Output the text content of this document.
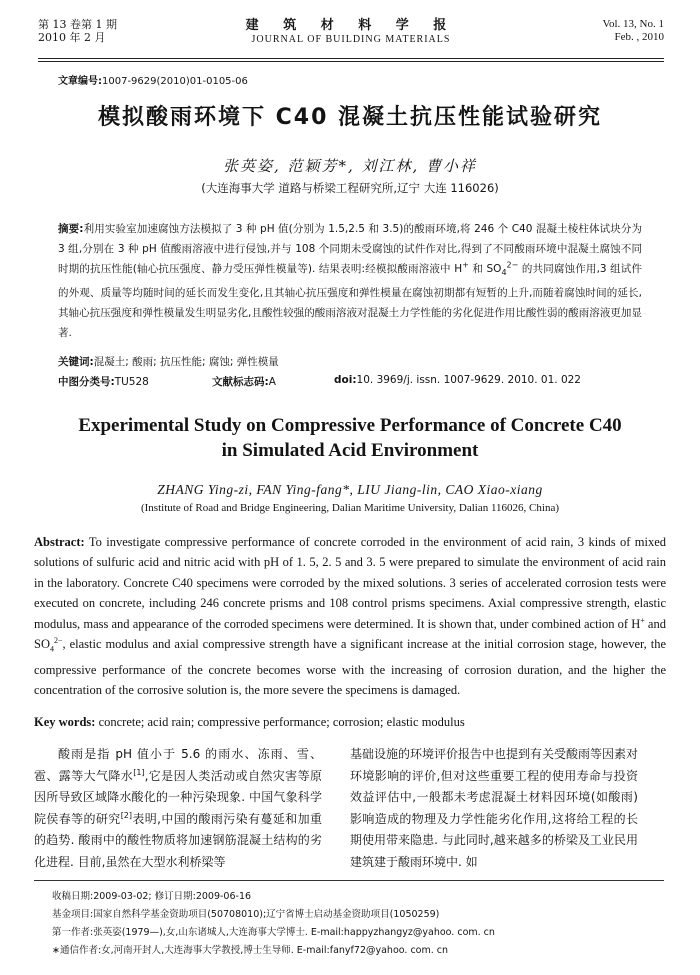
第 13 卷第 1 期
2010 年 2 月
建 筑 材 料 学 报
JOURNAL OF BUILDING MATERIALS
Vol. 13, No. 1
Feb. , 2010
文章编号:1007-9629(2010)01-0105-06
模拟酸雨环境下 C40 混凝土抗压性能试验研究
张英姿, 范颖芳*, 刘江林, 曹小祥
(大连海事大学 道路与桥梁工程研究所,辽宁 大连 116026)
摘要:利用实验室加速腐蚀方法模拟了 3 种 pH 值(分别为 1.5,2.5 和 3.5)的酸雨环境,将 246 个 C40 混凝土棱柱体试块分为 3 组,分别在 3 种 pH 值酸雨溶液中进行侵蚀,并与 108 个同期未受腐蚀的试件作对比,得到了不同酸雨环境中混凝土腐蚀不同时期的抗压性能(轴心抗压强度、静力受压弹性模量等). 结果表明:经模拟酸雨溶液中 H+ 和 $SO_4^{2-}$ 的共同腐蚀作用,3 组试件的外观、质量等均随时间的延长而发生变化,且其轴心抗压强度和弹性模量在腐蚀初期都有短暂的上升,而随着腐蚀时间的延长,其轴心抗压强度和弹性模量发生明显劣化,且酸性较强的酸雨溶液对混凝土力学性能的劣化促进作用比酸性弱的酸雨溶液更加显著.
关键词:混凝土; 酸雨; 抗压性能; 腐蚀; 弹性模量
中图分类号:TU528	文献标志码:A	doi:10. 3969/j. issn. 1007-9629. 2010. 01. 022
Experimental Study on Compressive Performance of Concrete C40
in Simulated Acid Environment
ZHANG Ying-zi, FAN Ying-fang*, LIU Jiang-lin, CAO Xiao-xiang
(Institute of Road and Bridge Engineering, Dalian Maritime University, Dalian 116026, China)
Abstract: To investigate compressive performance of concrete corroded in the environment of acid rain, 3 kinds of mixed solutions of sulfuric acid and nitric acid with pH of 1. 5, 2. 5 and 3. 5 were prepared to simulate the environment of acid rain in the laboratory. Concrete C40 specimens were corroded by the mixed solutions. 3 series of accelerated corrosion tests were executed on concrete, including 246 concrete prisms and 108 control prisms specimens. Axial compressive strength, elastic modulus, mass and appearance of the corroded specimens were determined. It is shown that, under combined action of H+ and $SO_4^{2-}$, elastic modulus and axial compressive strength have a significant increase at the initial corrosion stage, however, the compressive performance of the concrete becomes worse with the increasing of corrosion duration, and the higher the concentration of the corrosive solution is, the more severe the specimens is damaged.
Key words: concrete; acid rain; compressive performance; corrosion; elastic modulus
酸雨是指 pH 值小于 5.6 的雨水、冻雨、雪、雹、露等大气降水[1],它是因人类活动或自然灾害等原因所导致区域降水酸化的一种污染现象. 中国气象科学院侯春等的研究[2]表明,中国的酸雨污染有蔓延和加重的趋势. 酸雨中的酸性物质将加速钢筋混凝土结构的劣化进程. 目前,虽然在大型水利桥梁等
基础设施的环境评价报告中也提到有关受酸雨等因素对环境影响的评价,但对这些重要工程的使用寿命与投资效益评估中,一般都未考虑混凝土材料因环境(如酸雨)影响造成的物理及力学性能劣化作用,这将给工程的长期使用带来隐患. 与此同时,越来越多的桥梁及工业民用建筑建于酸雨环境中. 如
收稿日期:2009-03-02; 修订日期:2009-06-16
基金项目:国家自然科学基金资助项目(50708010);辽宁省博士启动基金资助项目(1050259)
第一作者:张英姿(1979—),女,山东诸城人,大连海事大学博士. E-mail:happyzhangyz@yahoo. com. cn
∗通信作者:女,河南开封人,大连海事大学教授,博士生导师. E-mail:fanyf72@yahoo. com. cn
